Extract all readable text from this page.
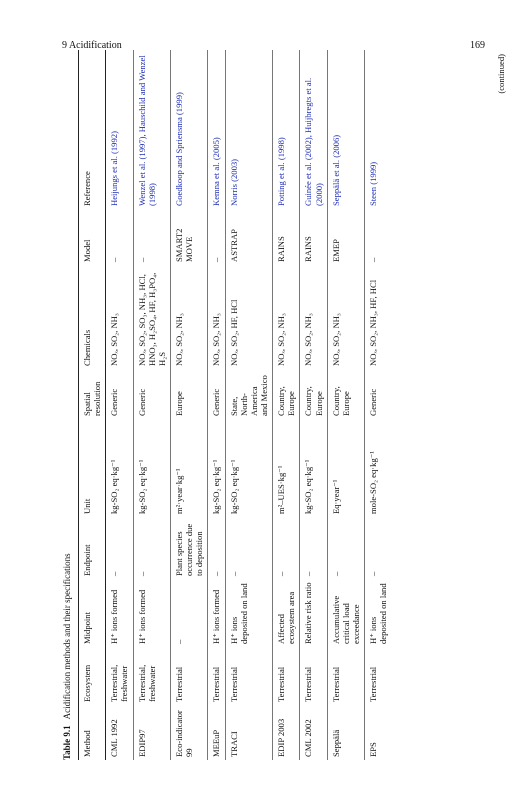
9 Acidification	169
Table 9.1Acidification methods and their specifications
Method	Ecosystem	Midpoint	Endpoint	Unit	Spatial resolution	Chemicals	Model	Reference
CML 1992	Terrestrial, freshwater	H⁺ ions formed	–	kg-SO₂ eq·kg⁻¹	Generic	NOₓ, SO₂, NH₃	–	Heijungs et al. (1992)
EDIP97	Terrestrial, freshwater	H⁺ ions formed	–	kg-SO₂ eq·kg⁻¹	Generic	NOₓ, SO₂, SO₃, NH₃, HCl, HNO₃, H₂SO₄, HF, H₃PO₄, H₂S	–	Wenzel et al. (1997), Hauschild and Wenzel (1998)
Eco-indicator 99	Terrestrial	–	Plant species occurrence due to deposition	m²·year·kg⁻¹	Europe	NOₓ, SO₂, NH₃	SMART2 MOVE	Goedkoop and Spriensma (1999)
MEEuP	Terrestrial	H⁺ ions formed	–	kg-SO₂ eq·kg⁻¹	Generic	NOₓ, SO₂, NH₃	–	Kemna et al. (2005)
TRACI	Terrestrial	H⁺ ions deposited on land	–	kg-SO₂ eq·kg⁻¹	State, North-America and Mexico	NOₓ, SO₂, HF, HCl	ASTRAP	Norris (2003)
EDIP 2003	Terrestrial	Affected ecosystem area	–	m²–UES·kg⁻¹	Country, Europe	NOₓ, SO₂, NH₃	RAINS	Potting et al. (1998)
CML 2002	Terrestrial	Relative risk ratio	–	kg-SO₂ eq·kg⁻¹	Country, Europe	NOₓ, SO₂, NH₃	RAINS	Guinée et al. (2002), Huijbregts et al. (2000)
Seppälä	Terrestrial	Accumulative critical load exceedance	–	Eq·year⁻¹	Country, Europe	NOₓ, SO₂, NH₃	EMEP	Seppälä et al. (2006)
EPS	Terrestrial	H⁺ ions deposited on land	–	mole-SO₂ eq·kg⁻¹	Generic	NOₓ, SO₂, NH₃, HF, HCl	–	Steen (1999)
(continued)
